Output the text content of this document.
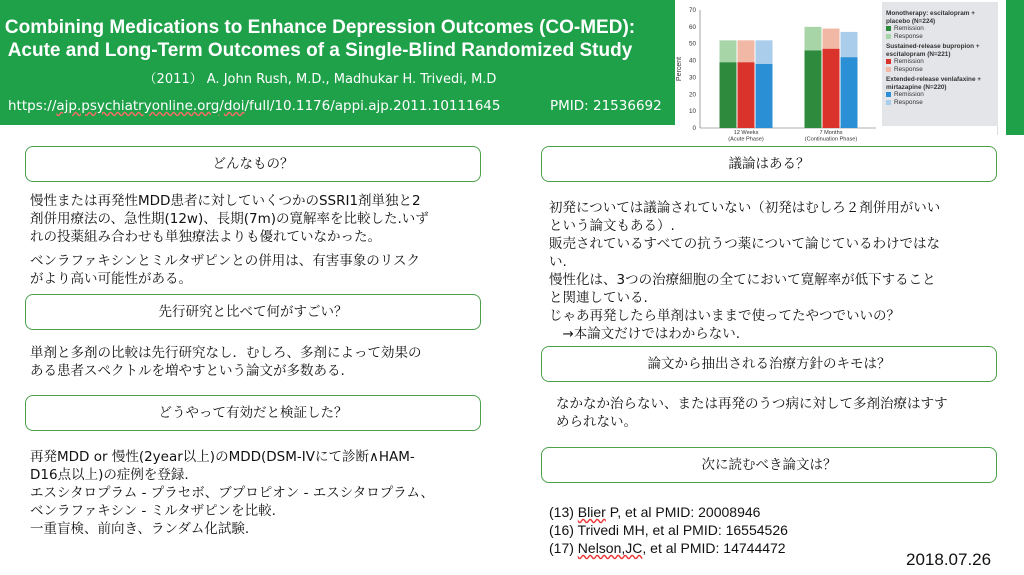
Combining Medications to Enhance Depression Outcomes (CO-MED):
Acute and Long-Term Outcomes of a Single-Blind Randomized Study
（2011） A. John Rush, M.D., Madhukar H. Trivedi, M.D
https://ajp.psychiatryonline.org/doi/full/10.1176/appi.ajp.2011.10111645	PMID: 21536692
Percent
70
60
50
40
30
20
10
0
12 Weeks
(Acute Phase)
7 Months
(Continuation Phase)
Monotherapy: escitalopram + placebo (N=224)
Remission
Response
Sustained-release bupropion + escitalopram (N=221)
Remission
Response
Extended-release venlafaxine + mirtazapine (N=220)
Remission
Response
どんなもの？

慢性または再発性MDD患者に対していくつかのSSRI1剤単独と2

剤併用療法の、急性期(12w)、長期(7m)の寛解率を比較した.いず

れの投薬組み合わせも単独療法よりも優れていなかった。

ベンラファキシンとミルタザピンとの併用は、有害事象のリスク

がより高い可能性がある。

先行研究と比べて何がすごい？

単剤と多剤の比較は先行研究なし．むしろ、多剤によって効果の

ある患者スペクトルを増やすという論文が多数ある.

どうやって有効だと検証した？

再発MDD or 慢性(2year以上)のMDD(DSM-IVにて診断∧HAM-

D16点以上)の症例を登録.

エスシタロプラム - プラセボ、ブプロピオン - エスシタロプラム、

ベンラファキシン - ミルタザピンを比較.

一重盲検、前向き、ランダム化試験.

議論はある？

初発については議論されていない（初発はむしろ２剤併用がいい

という論文もある）.

販売されているすべての抗うつ薬について論じているわけではな

い.

慢性化は、3つの治療細胞の全てにおいて寛解率が低下すること

と関連している.

じゃあ再発したら単剤はいままで使ってたやつでいいの？

　→本論文だけではわからない.

論文から抽出される治療方針のキモは？

なかなか治らない、または再発のうつ病に対して多剤治療はすす

められない。

次に読むべき論文は？

(13) Blier P, et al PMID: 20008946

(16) Trivedi MH, et al PMID: 16554526

(17) Nelson,JC, et al PMID: 14744472

2018.07.26
